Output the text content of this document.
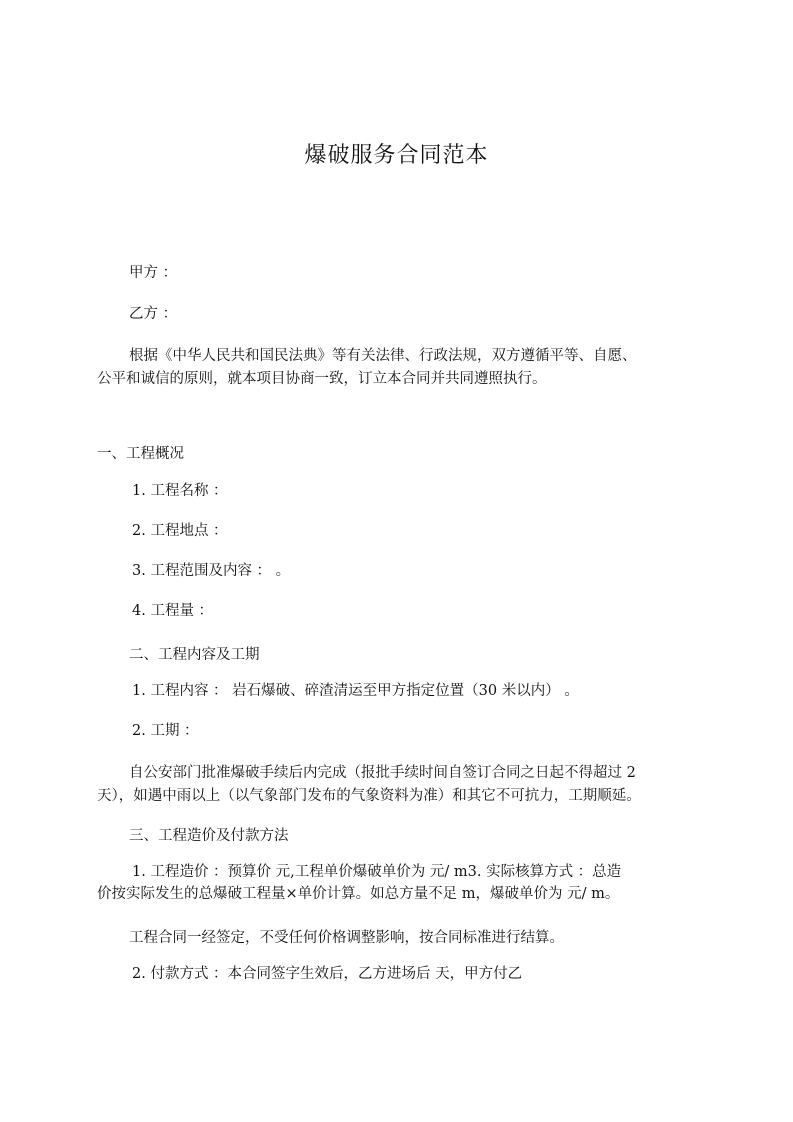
爆破服务合同范本
甲方 ：
乙方 ：
根据《中华人民共和国民法典》等有关法律、行政法规，双方遵循平等、自愿、
公平和诚信的原则，就本项目协商一致，订立本合同并共同遵照执行。
一、工程概况
1. 工程名称 ：
2. 工程地点 ：
3. 工程范围及内容 ： 。
4. 工程量 ：
二、工程内容及工期
1. 工程内容 ： 岩石爆破、碎渣清运至甲方指定位置（30 米以内） 。
2. 工期 ：
自公安部门批准爆破手续后内完成（报批手续时间自签订合同之日起不得超过 2
天），如遇中雨以上（以气象部门发布的气象资料为准）和其它不可抗力，工期顺延。
三、工程造价及付款方法
1. 工程造价 ：预算价 元,工程单价爆破单价为 元/ m3. 实际核算方式 ：总造
价按实际发生的总爆破工程量×单价计算。如总方量不足 m，爆破单价为 元/ m。
工程合同一经签定，不受任何价格调整影响，按合同标准进行结算。
2. 付款方式 ：本合同签字生效后，乙方进场后 天，甲方付乙
